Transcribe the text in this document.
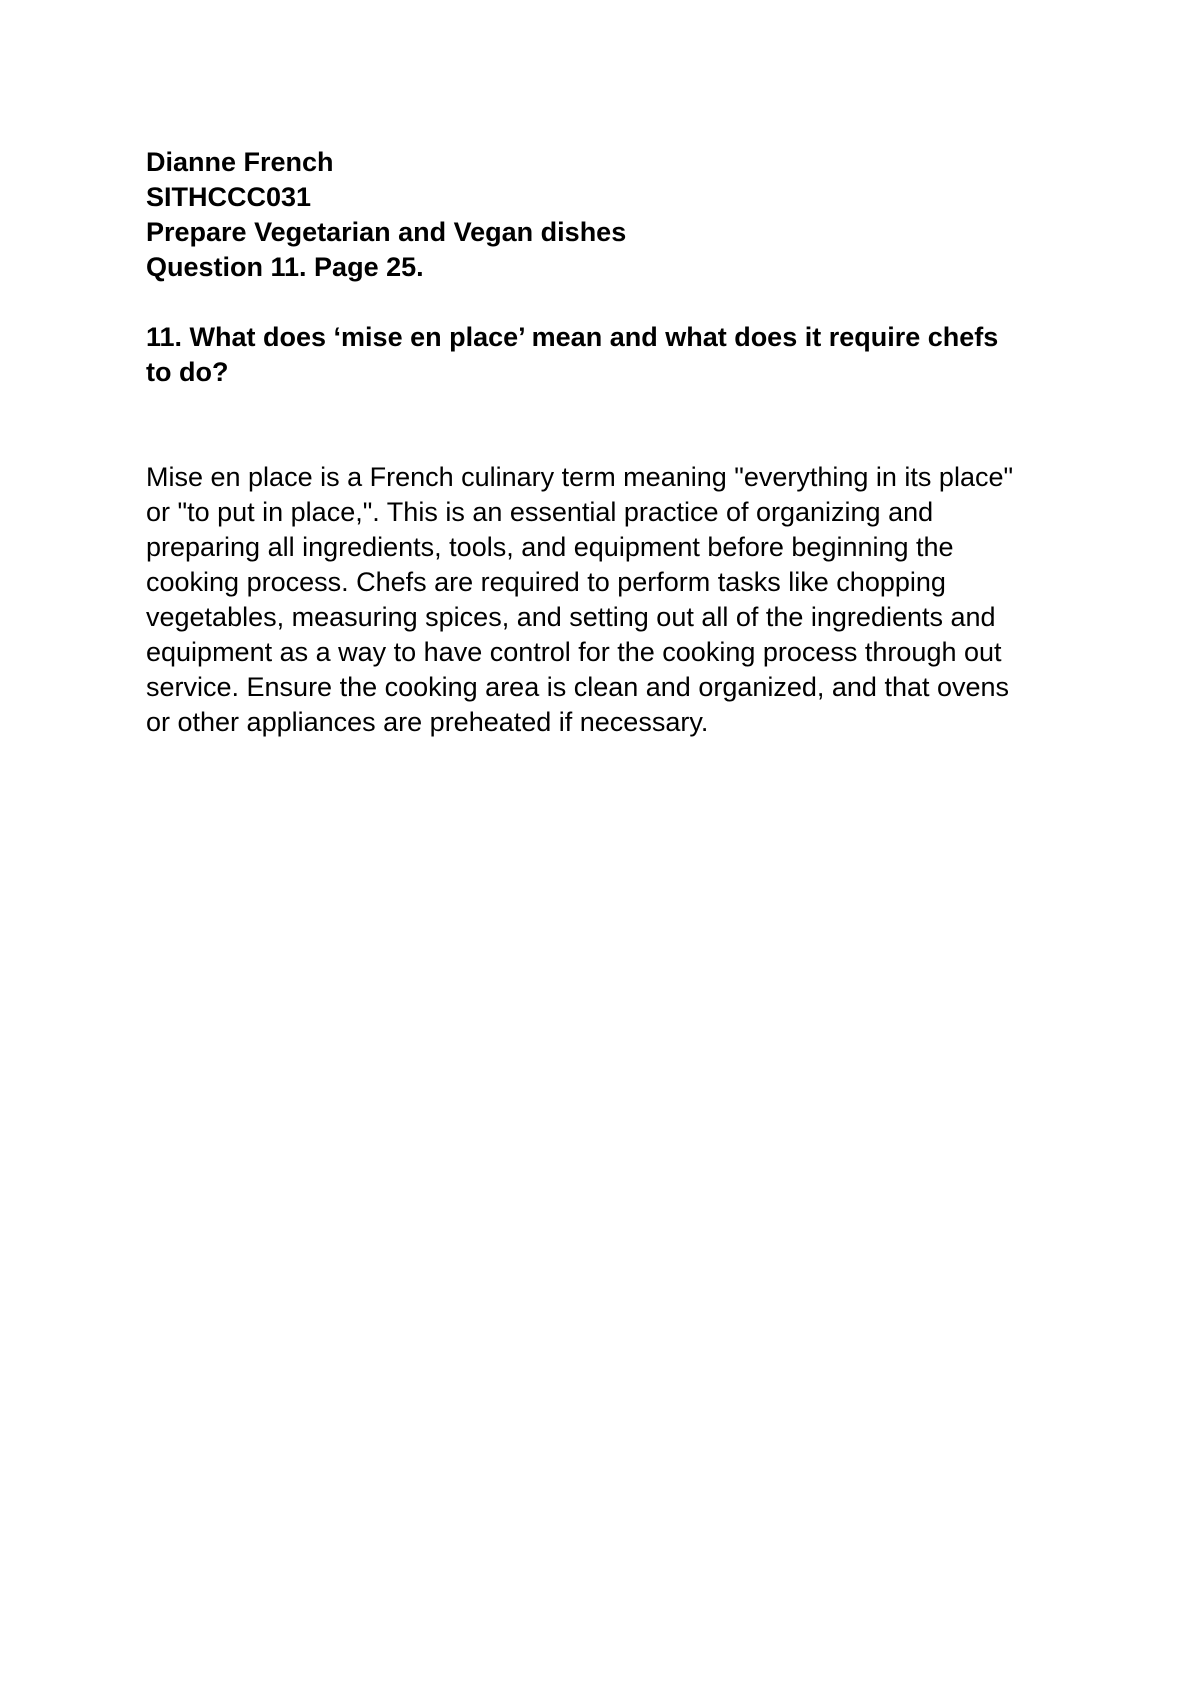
Dianne French
SITHCCC031
Prepare Vegetarian and Vegan dishes
Question 11. Page 25.
11. What does ‘mise en place’ mean and what does it require chefs
to do?
Mise en place is a French culinary term meaning "everything in its place"
or "to put in place,". This is an essential practice of organizing and
preparing all ingredients, tools, and equipment before beginning the
cooking process. Chefs are required to perform tasks like chopping
vegetables, measuring spices, and setting out all of the ingredients and
equipment as a way to have control for the cooking process through out
service. Ensure the cooking area is clean and organized, and that ovens
or other appliances are preheated if necessary.
